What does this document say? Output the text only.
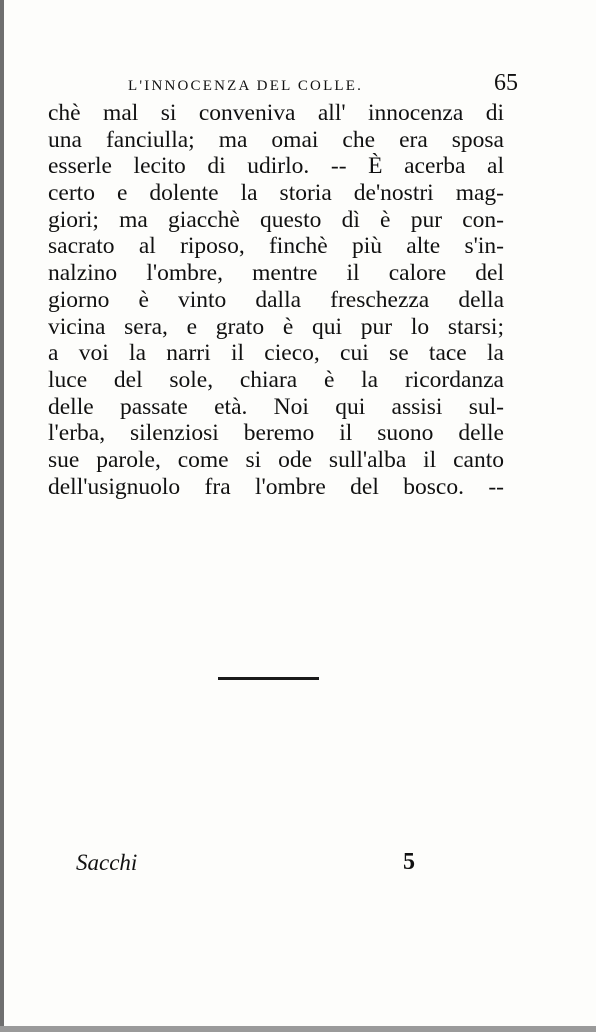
L'INNOCENZA DEL COLLE.	65
chè mal si conveniva all' innocenza di
una fanciulla; ma omai che era sposa
esserle lecito di udirlo. -- È acerba al
certo e dolente la storia de'nostri mag-
giori; ma giacchè questo dì è pur con-
sacrato al riposo, finchè più alte s'in-
nalzino l'ombre, mentre il calore del
giorno è vinto dalla freschezza della
vicina sera, e grato è qui pur lo starsi;
a voi la narri il cieco, cui se tace la
luce del sole, chiara è la ricordanza
delle passate età. Noi qui assisi sul-
l'erba, silenziosi beremo il suono delle
sue parole, come si ode sull'alba il canto
dell'usignuolo fra l'ombre del bosco. --
Sacchi	5
